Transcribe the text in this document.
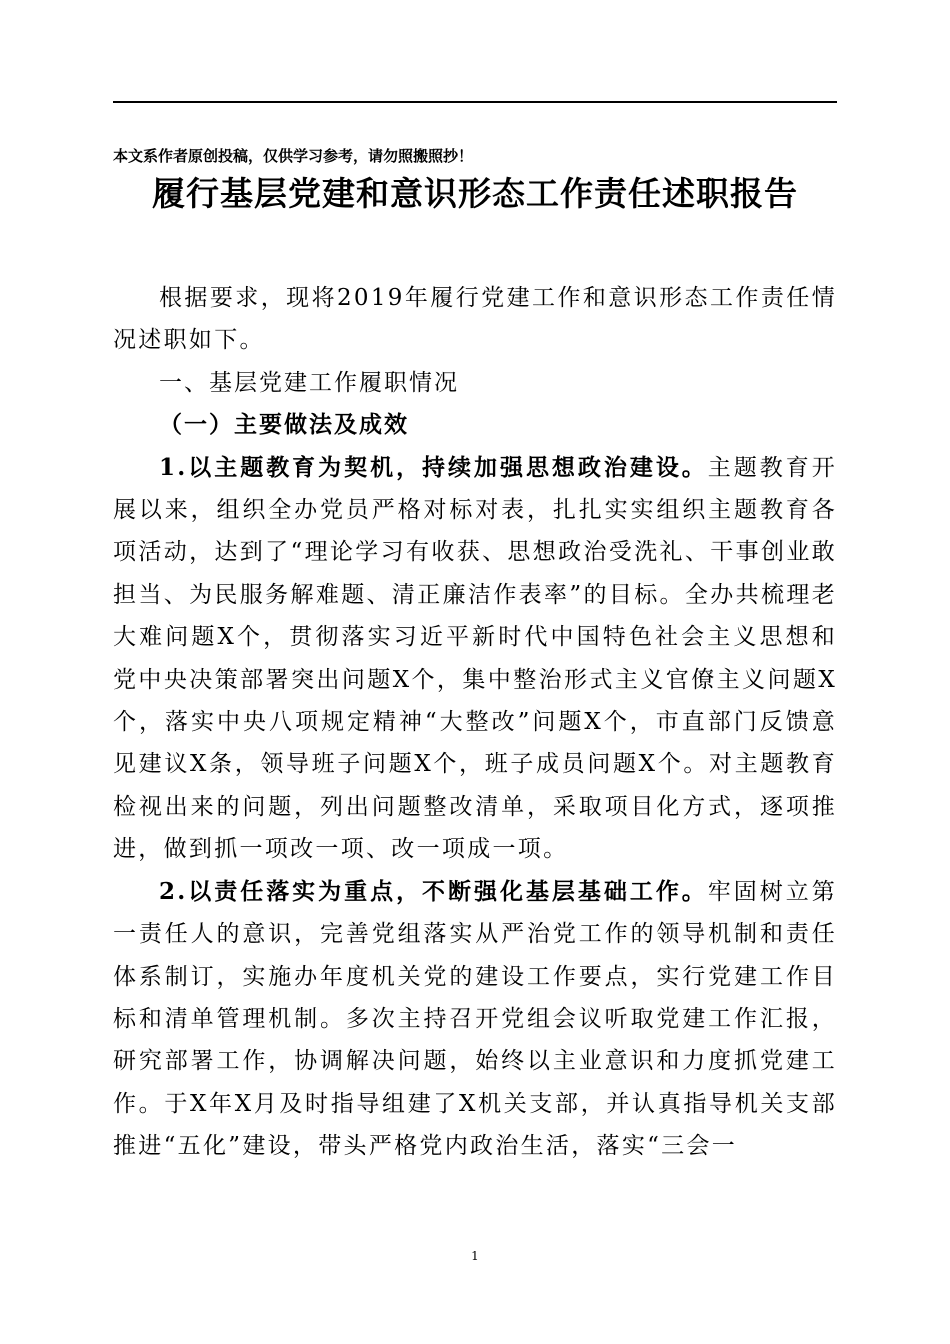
本文系作者原创投稿，仅供学习参考，请勿照搬照抄！
履行基层党建和意识形态工作责任述职报告

根据要求，现将2019年履行党建工作和意识形态工作责任情况述职如下。

一、基层党建工作履职情况

（一）主要做法及成效

1.以主题教育为契机，持续加强思想政治建设。主题教育开展以来，组织全办党员严格对标对表，扎扎实实组织主题教育各项活动，达到了“理论学习有收获、思想政治受洗礼、干事创业敢担当、为民服务解难题、清正廉洁作表率”的目标。全办共梳理老大难问题X个，贯彻落实习近平新时代中国特色社会主义思想和党中央决策部署突出问题X个，集中整治形式主义官僚主义问题X个，落实中央八项规定精神“大整改”问题X个，市直部门反馈意见建议X条，领导班子问题X个，班子成员问题X个。对主题教育检视出来的问题，列出问题整改清单，采取项目化方式，逐项推进，做到抓一项改一项、改一项成一项。

2.以责任落实为重点，不断强化基层基础工作。牢固树立第一责任人的意识，完善党组落实从严治党工作的领导机制和责任体系制订，实施办年度机关党的建设工作要点，实行党建工作目标和清单管理机制。多次主持召开党组会议听取党建工作汇报，研究部署工作，协调解决问题，始终以主业意识和力度抓党建工作。于X年X月及时指导组建了X机关支部，并认真指导机关支部推进“五化”建设，带头严格党内政治生活，落实“三会一

1
